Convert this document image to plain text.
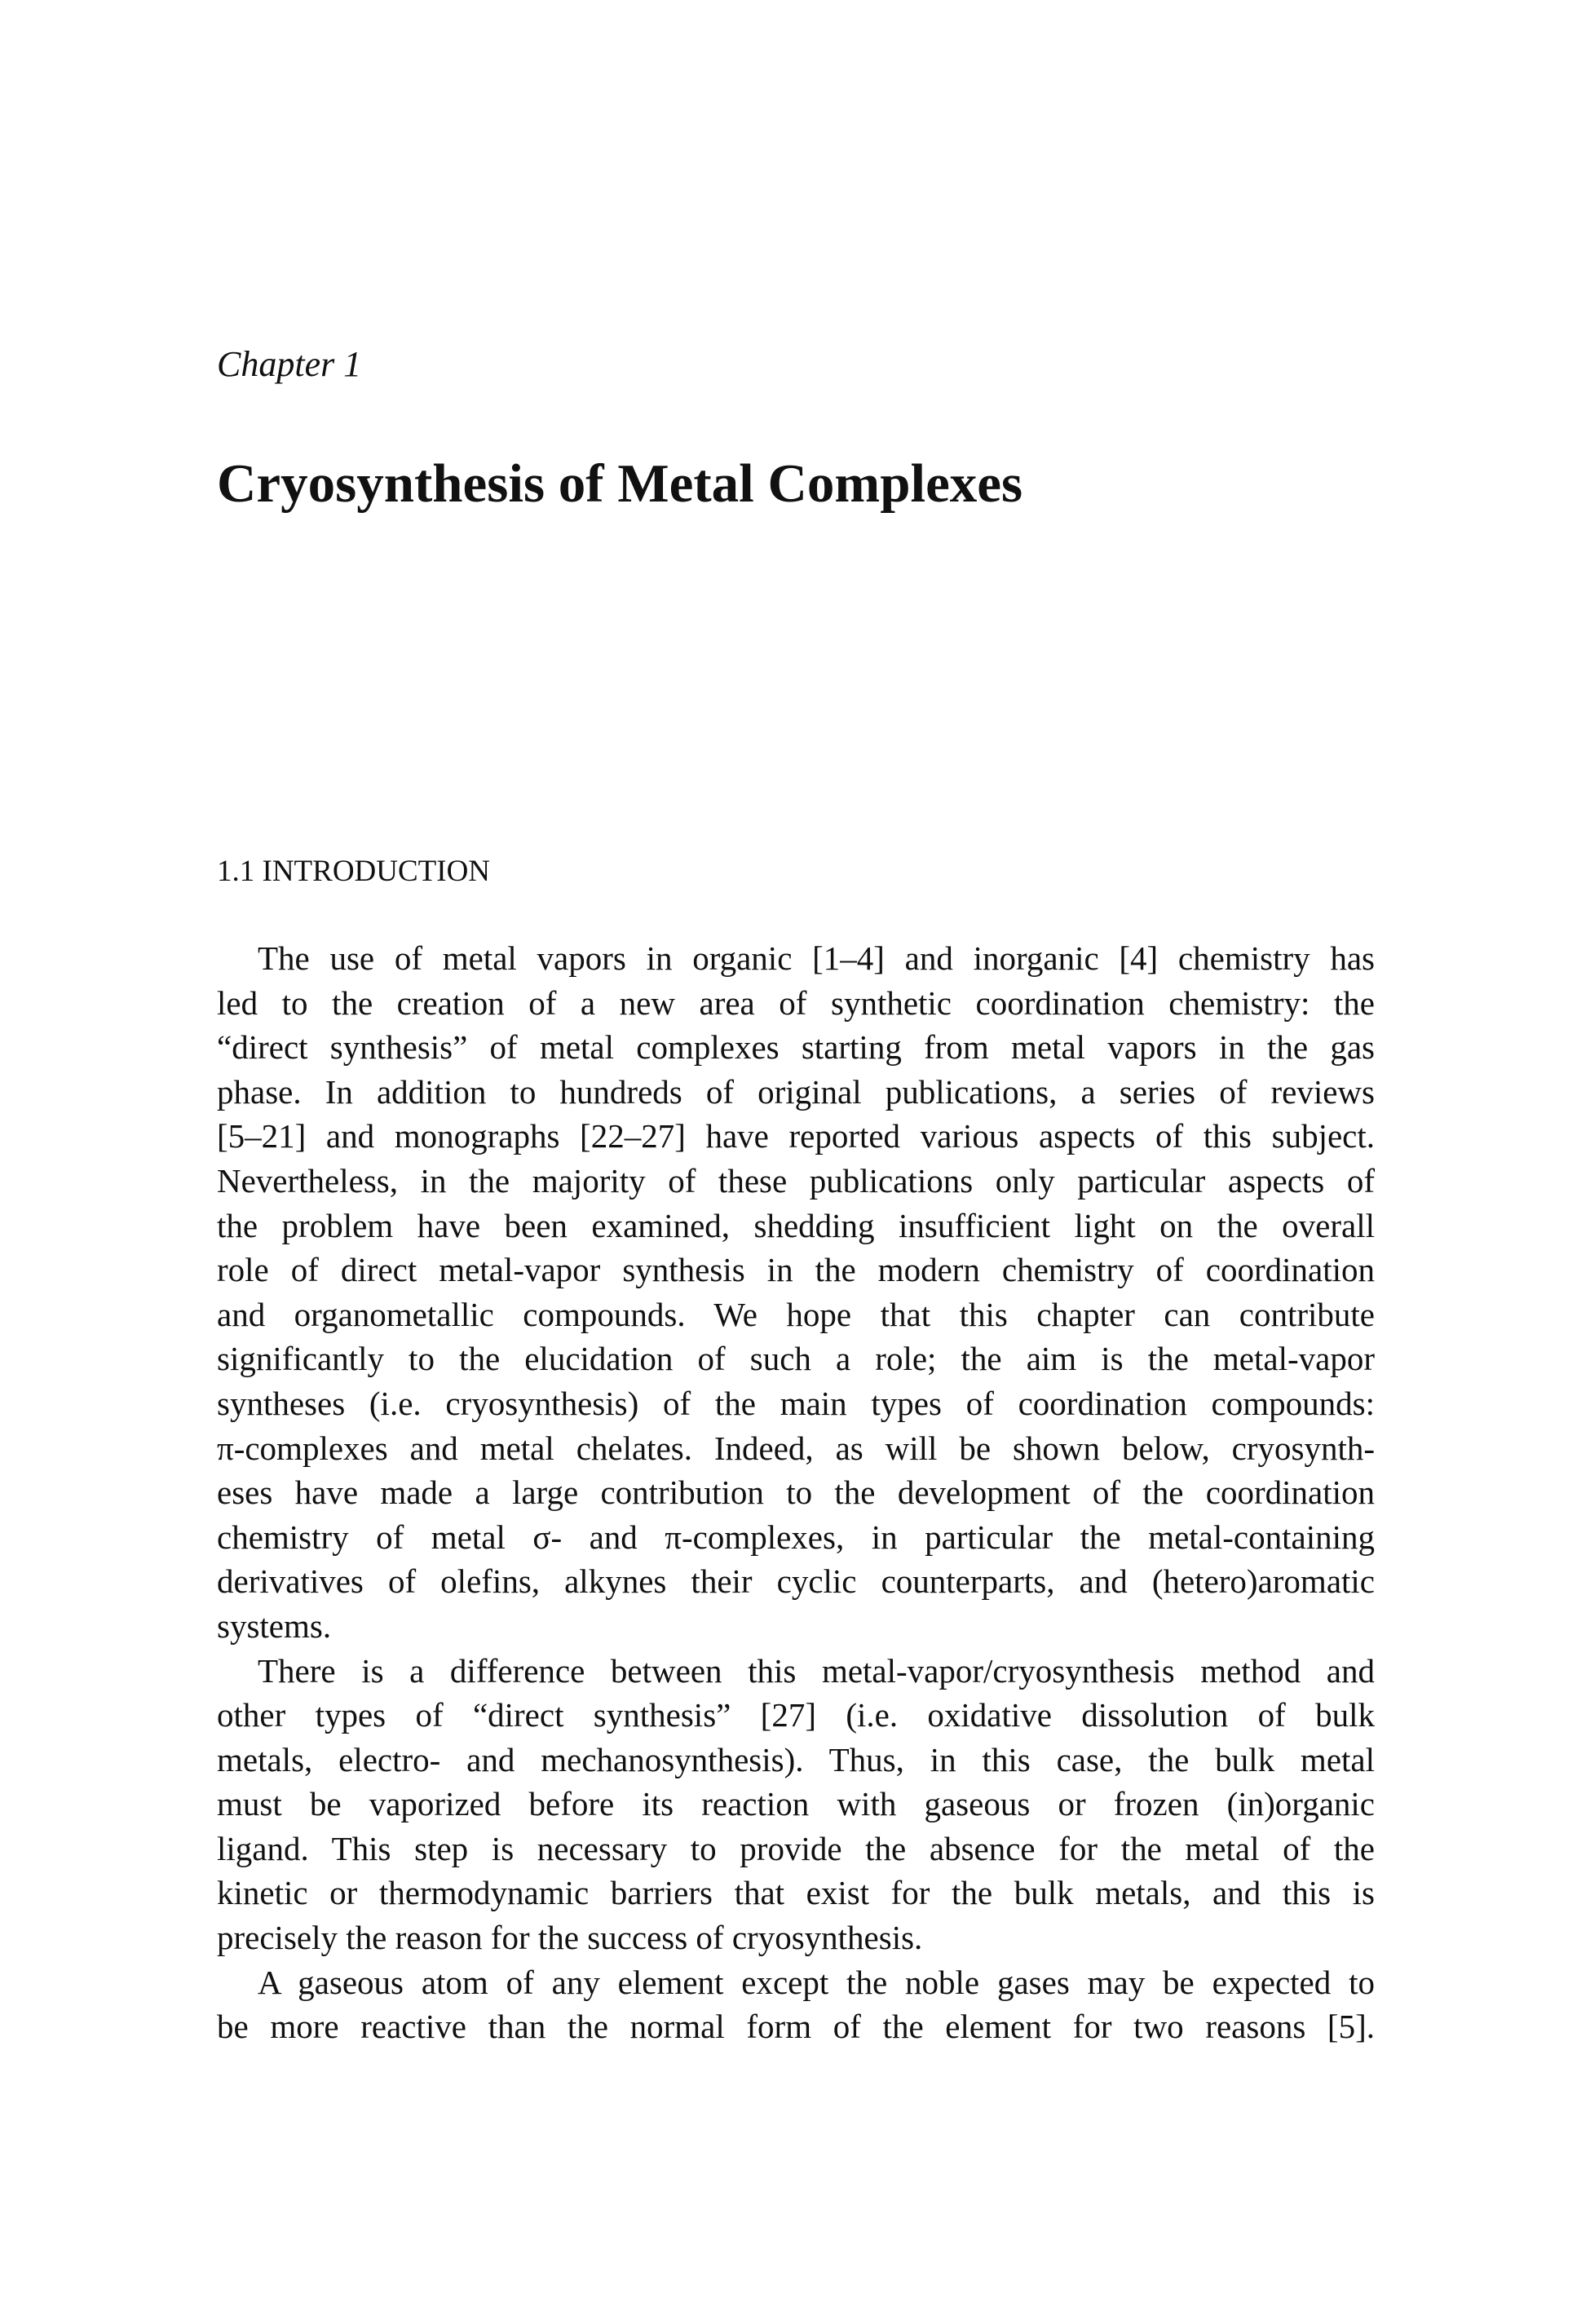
Chapter 1
Cryosynthesis of Metal Complexes
1.1 INTRODUCTION

The use of metal vapors in organic [1–4] and inorganic [4] chemistry has
led to the creation of a new area of synthetic coordination chemistry: the
“direct synthesis” of metal complexes starting from metal vapors in the gas
phase. In addition to hundreds of original publications, a series of reviews
[5–21] and monographs [22–27] have reported various aspects of this subject.
Nevertheless, in the majority of these publications only particular aspects of
the problem have been examined, shedding insufficient light on the overall
role of direct metal-vapor synthesis in the modern chemistry of coordination
and organometallic compounds. We hope that this chapter can contribute
significantly to the elucidation of such a role; the aim is the metal-vapor
syntheses (i.e. cryosynthesis) of the main types of coordination compounds:
π-complexes and metal chelates. Indeed, as will be shown below, cryosynth-
eses have made a large contribution to the development of the coordination
chemistry of metal σ- and π-complexes, in particular the metal-containing
derivatives of olefins, alkynes their cyclic counterparts, and (hetero)aromatic
systems.

There is a difference between this metal-vapor/cryosynthesis method and
other types of “direct synthesis” [27] (i.e. oxidative dissolution of bulk
metals, electro- and mechanosynthesis). Thus, in this case, the bulk metal
must be vaporized before its reaction with gaseous or frozen (in)organic
ligand. This step is necessary to provide the absence for the metal of the
kinetic or thermodynamic barriers that exist for the bulk metals, and this is
precisely the reason for the success of cryosynthesis.

A gaseous atom of any element except the noble gases may be expected to
be more reactive than the normal form of the element for two reasons [5].
